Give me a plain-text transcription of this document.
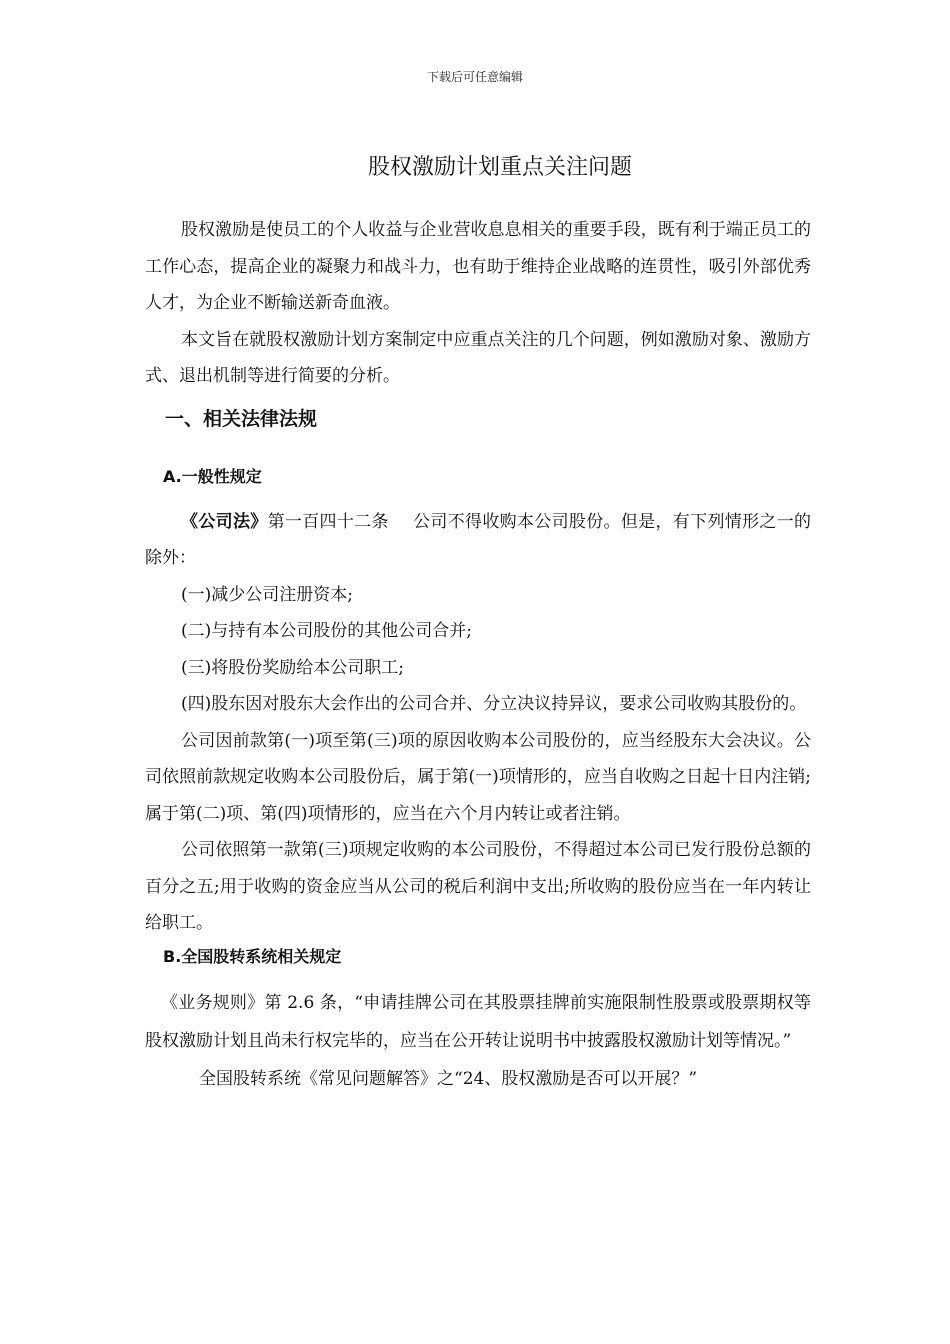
下载后可任意编辑
股权激励计划重点关注问题

股权激励是使员工的个人收益与企业营收息息相关的重要手段，既有利于端正员工的工作心态，提高企业的凝聚力和战斗力，也有助于维持企业战略的连贯性，吸引外部优秀人才，为企业不断输送新奇血液。

本文旨在就股权激励计划方案制定中应重点关注的几个问题，例如激励对象、激励方式、退出机制等进行简要的分析。

一、相关法律法规

A.一般性规定

《公司法》第一百四十二条 公司不得收购本公司股份。但是，有下列情形之一的除外：

(一)减少公司注册资本;

(二)与持有本公司股份的其他公司合并;

(三)将股份奖励给本公司职工;

(四)股东因对股东大会作出的公司合并、分立决议持异议，要求公司收购其股份的。

公司因前款第(一)项至第(三)项的原因收购本公司股份的，应当经股东大会决议。公司依照前款规定收购本公司股份后，属于第(一)项情形的，应当自收购之日起十日内注销;属于第(二)项、第(四)项情形的，应当在六个月内转让或者注销。

公司依照第一款第(三)项规定收购的本公司股份，不得超过本公司已发行股份总额的百分之五;用于收购的资金应当从公司的税后利润中支出;所收购的股份应当在一年内转让给职工。

B.全国股转系统相关规定

《业务规则》第 2.6 条，“申请挂牌公司在其股票挂牌前实施限制性股票或股票期权等股权激励计划且尚未行权完毕的，应当在公开转让说明书中披露股权激励计划等情况。”

全国股转系统《常见问题解答》之“24、股权激励是否可以开展？”
